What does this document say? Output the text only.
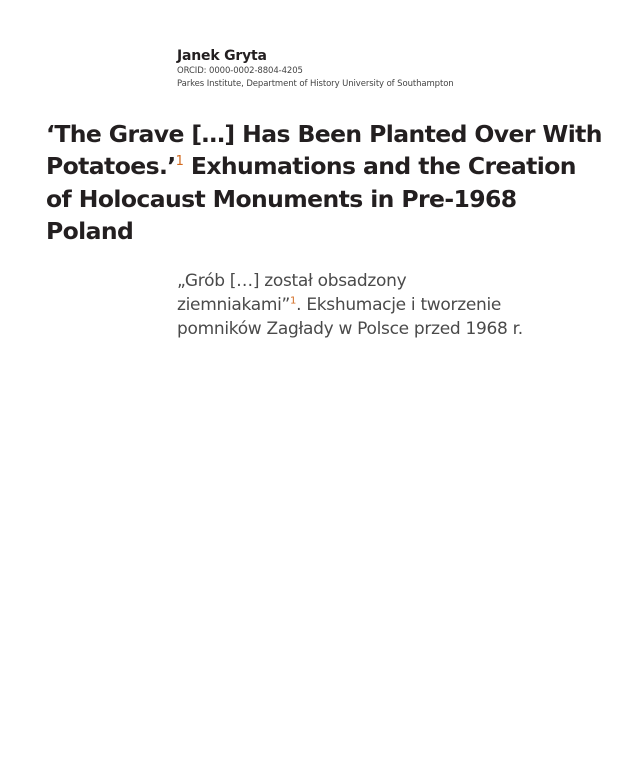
Janek Gryta
ORCID: 0000-0002-8804-4205
Parkes Institute, Department of History University of Southampton
‘The Grave […] Has Been Planted Over With
Potatoes.’$^1$ Exhumations and the Creation
of Holocaust Monuments in Pre-1968
Poland
„Grób […] został obsadzony
ziemniakami”$^1$. Ekshumacje i tworzenie
pomników Zagłady w Polsce przed 1968 r.
